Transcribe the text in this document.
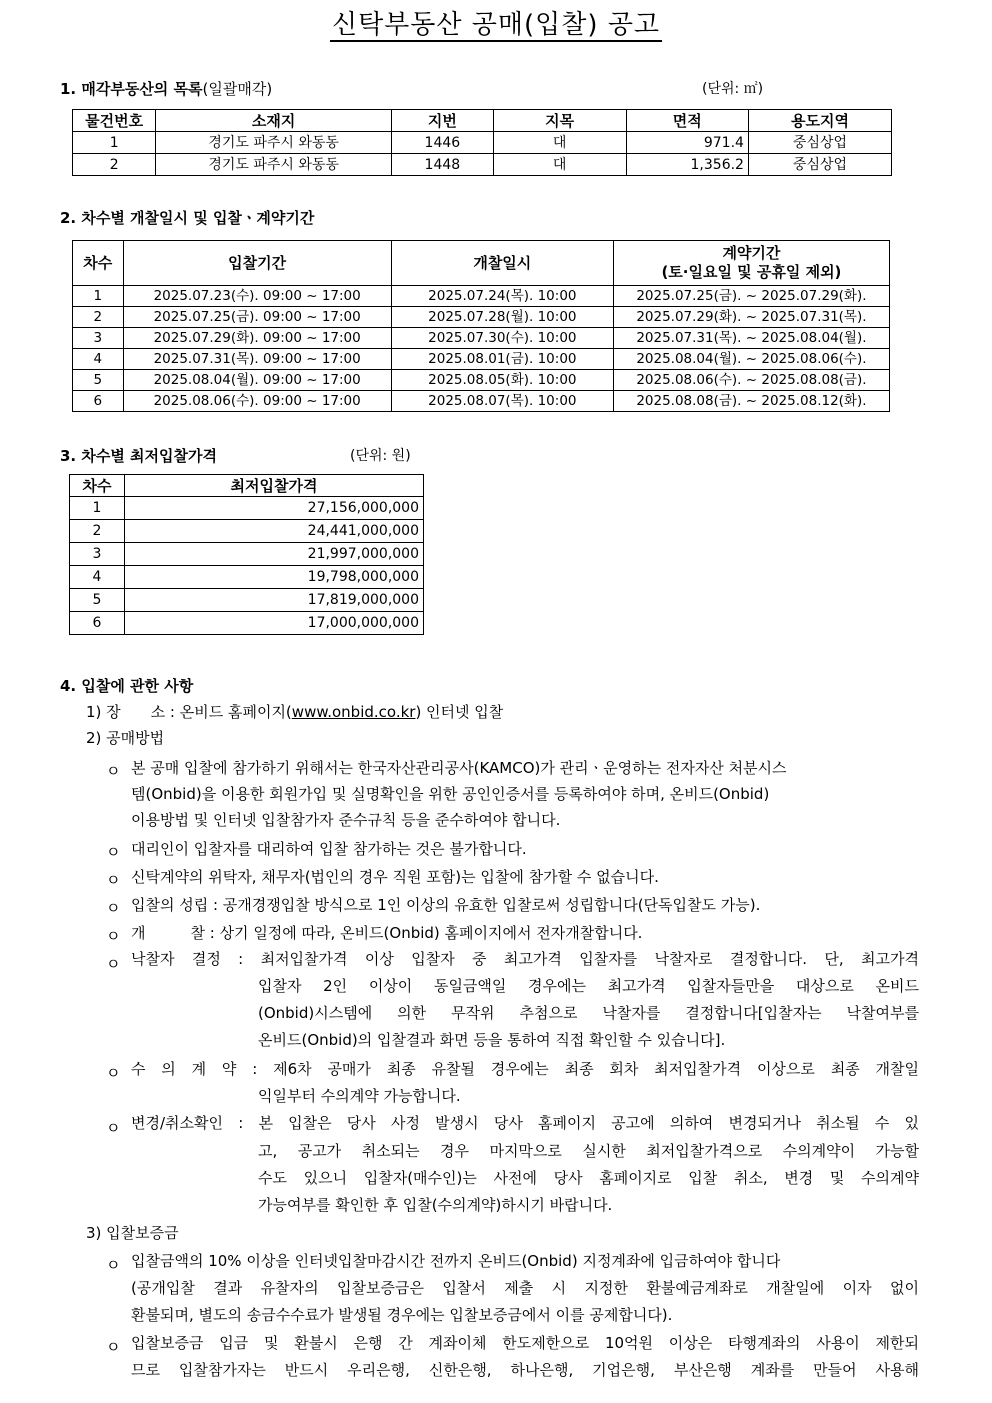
신탁부동산 공매(입찰) 공고
1. 매각부동산의 목록(일괄매각)	(단위: ㎡)
물건번호	소재지	지번	지목	면적	용도지역
1	경기도 파주시 와동동	1446	대	971.4	중심상업
2	경기도 파주시 와동동	1448	대	1,356.2	중심상업
2. 차수별 개찰일시 및 입찰ㆍ계약기간
차수	입찰기간	개찰일시	계약기간
(토·일요일 및 공휴일 제외)
1	2025.07.23(수). 09:00 ~ 17:00	2025.07.24(목). 10:00	2025.07.25(금). ~ 2025.07.29(화).
2	2025.07.25(금). 09:00 ~ 17:00	2025.07.28(월). 10:00	2025.07.29(화). ~ 2025.07.31(목).
3	2025.07.29(화). 09:00 ~ 17:00	2025.07.30(수). 10:00	2025.07.31(목). ~ 2025.08.04(월).
4	2025.07.31(목). 09:00 ~ 17:00	2025.08.01(금). 10:00	2025.08.04(월). ~ 2025.08.06(수).
5	2025.08.04(월). 09:00 ~ 17:00	2025.08.05(화). 10:00	2025.08.06(수). ~ 2025.08.08(금).
6	2025.08.06(수). 09:00 ~ 17:00	2025.08.07(목). 10:00	2025.08.08(금). ~ 2025.08.12(화).
3. 차수별 최저입찰가격	(단위: 원)
차수	최저입찰가격
1	27,156,000,000
2	24,441,000,000
3	21,997,000,000
4	19,798,000,000
5	17,819,000,000
6	17,000,000,000
4. 입찰에 관한 사항
1) 장　　소 : 온비드 홈페이지(www.onbid.co.kr) 인터넷 입찰
2) 공매방법
ㅇ 본 공매 입찰에 참가하기 위해서는 한국자산관리공사(KAMCO)가 관리ㆍ운영하는 전자자산 처분시스
템(Onbid)을 이용한 회원가입 및 실명확인을 위한 공인인증서를 등록하여야 하며, 온비드(Onbid)
이용방법 및 인터넷 입찰참가자 준수규칙 등을 준수하여야 합니다.
ㅇ 대리인이 입찰자를 대리하여 입찰 참가하는 것은 불가합니다.
ㅇ 신탁계약의 위탁자, 채무자(법인의 경우 직원 포함)는 입찰에 참가할 수 없습니다.
ㅇ 입찰의 성립 : 공개경쟁입찰 방식으로 1인 이상의 유효한 입찰로써 성립합니다(단독입찰도 가능).
ㅇ 개　　　찰 : 상기 일정에 따라, 온비드(Onbid) 홈페이지에서 전자개찰합니다.
ㅇ 낙찰자 결정 : 최저입찰가격 이상 입찰자 중 최고가격 입찰자를 낙찰자로 결정합니다. 단, 최고가격
입찰자 2인 이상이 동일금액일 경우에는 최고가격 입찰자들만을 대상으로 온비드
(Onbid)시스템에 의한 무작위 추첨으로 낙찰자를 결정합니다[입찰자는 낙찰여부를
온비드(Onbid)의 입찰결과 화면 등을 통하여 직접 확인할 수 있습니다].
ㅇ 수 의 계 약 : 제6차 공매가 최종 유찰될 경우에는 최종 회차 최저입찰가격 이상으로 최종 개찰일
익일부터 수의계약 가능합니다.
ㅇ 변경/취소확인 : 본 입찰은 당사 사정 발생시 당사 홈페이지 공고에 의하여 변경되거나 취소될 수 있
고, 공고가 취소되는 경우 마지막으로 실시한 최저입찰가격으로 수의계약이 가능할
수도 있으니 입찰자(매수인)는 사전에 당사 홈페이지로 입찰 취소, 변경 및 수의계약
가능여부를 확인한 후 입찰(수의계약)하시기 바랍니다.
3) 입찰보증금
ㅇ 입찰금액의 10% 이상을 인터넷입찰마감시간 전까지 온비드(Onbid) 지정계좌에 입금하여야 합니다
(공개입찰 결과 유찰자의 입찰보증금은 입찰서 제출 시 지정한 환불예금계좌로 개찰일에 이자 없이
환불되며, 별도의 송금수수료가 발생될 경우에는 입찰보증금에서 이를 공제합니다).
ㅇ 입찰보증금 입금 및 환불시 은행 간 계좌이체 한도제한으로 10억원 이상은 타행계좌의 사용이 제한되
므로 입찰참가자는 반드시 우리은행, 신한은행, 하나은행, 기업은행, 부산은행 계좌를 만들어 사용해
